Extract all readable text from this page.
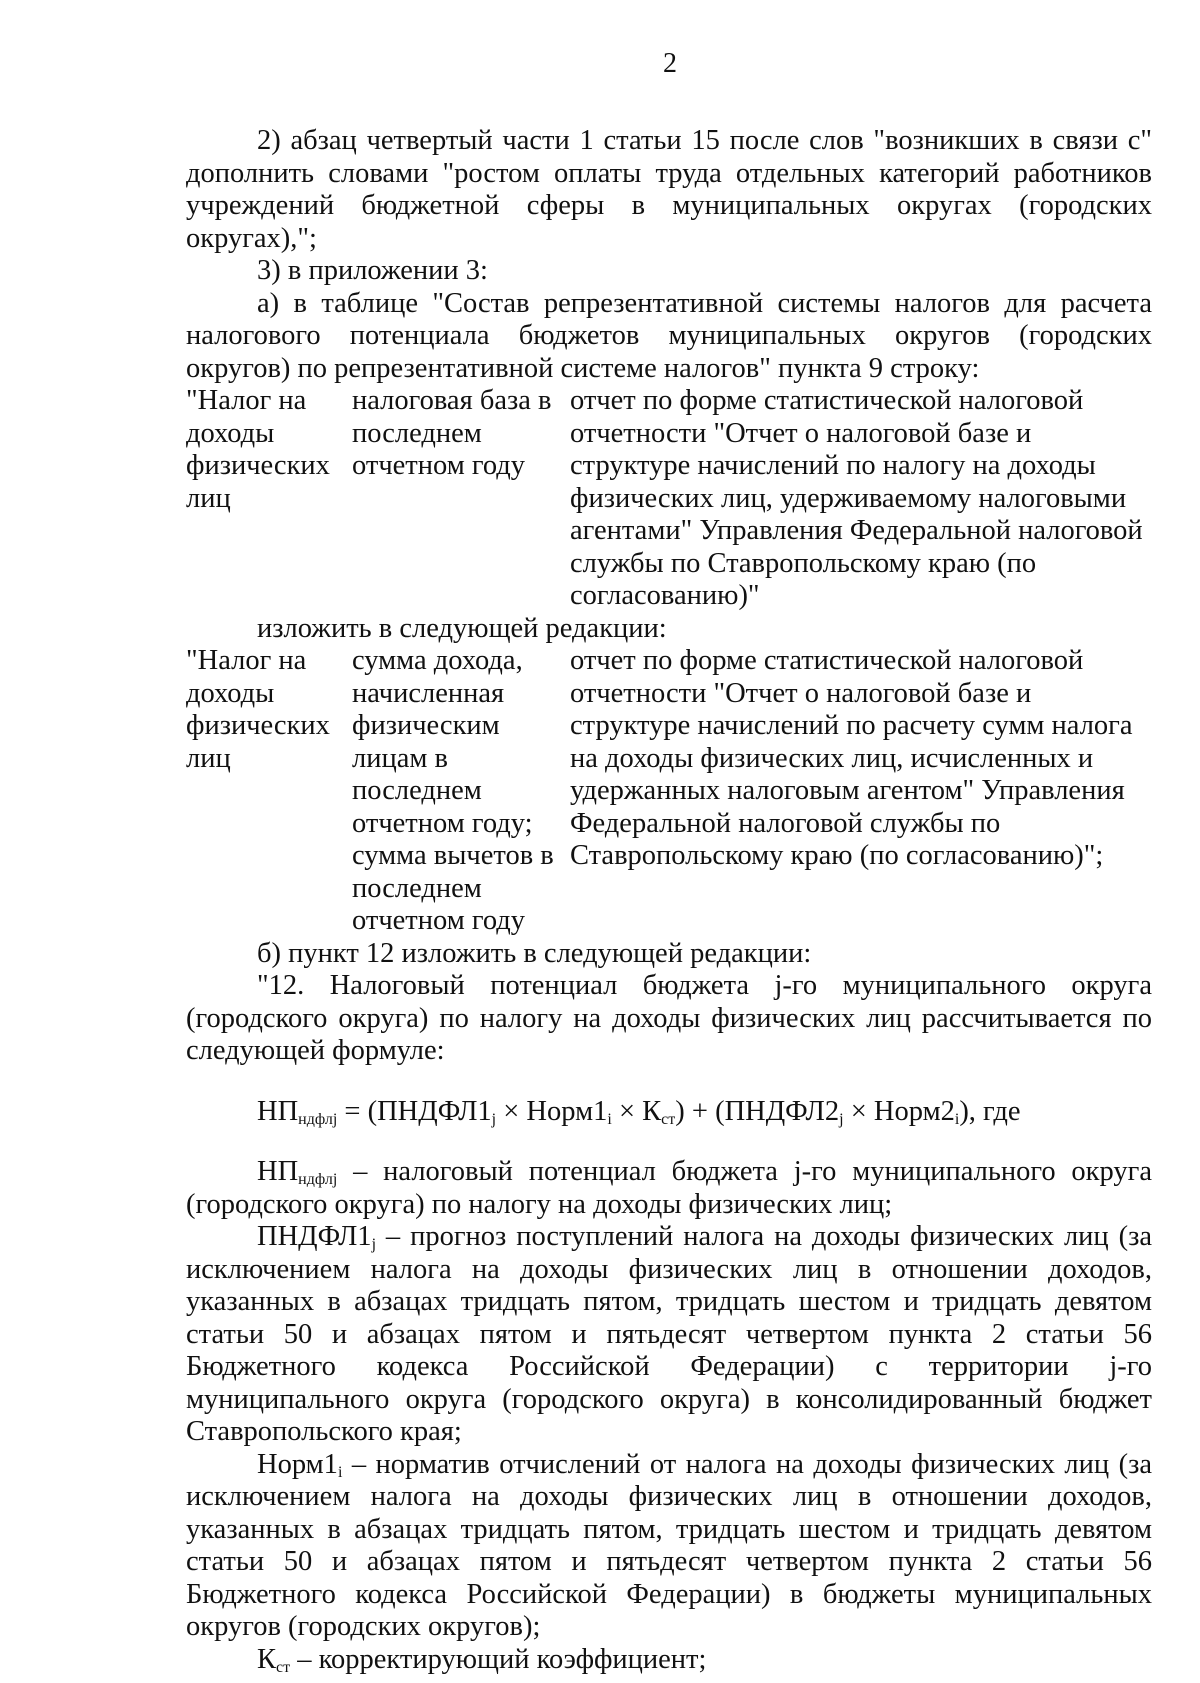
2
2) абзац четвертый части 1 статьи 15 после слов "возникших в связи с" дополнить словами "ростом оплаты труда отдельных категорий работников учреждений бюджетной сферы в муниципальных округах (городских округах),";
3) в приложении 3:
а) в таблице "Состав репрезентативной системы налогов для расчета налогового потенциала бюджетов муниципальных округов (городских округов) по репрезентативной системе налогов" пункта 9 строку:
"Налог на доходы физических лиц
налоговая база в последнем отчетном году
отчет по форме статистической налоговой отчетности "Отчет о налоговой базе и структуре начислений по налогу на доходы физических лиц, удерживаемому налоговыми агентами" Управления Федеральной налоговой службы по Ставропольскому краю (по согласованию)"
изложить в следующей редакции:
"Налог на доходы физических лиц
сумма дохода, начисленная физическим лицам в последнем отчетном году;
сумма вычетов в последнем отчетном году
отчет по форме статистической налоговой отчетности "Отчет о налоговой базе и структуре начислений по расчету сумм налога на доходы физических лиц, исчисленных и удержанных налоговым агентом" Управления Федеральной налоговой службы по Ставропольскому краю (по согласованию)";
б) пункт 12 изложить в следующей редакции:
"12. Налоговый потенциал бюджета j-го муниципального округа (городского округа) по налогу на доходы физических лиц рассчитывается по следующей формуле:
$НП_{ндфлj}$ = ($ПНДФЛ1_j$ × $Норм1_i \times К_{ст}$) + ($ПНДФЛ2_j$ × $Норм2_i$), где
$НП_{ндфлj}$ – налоговый потенциал бюджета j-го муниципального округа (городского округа) по налогу на доходы физических лиц;
$ПНДФЛ1_j$ – прогноз поступлений налога на доходы физических лиц (за исключением налога на доходы физических лиц в отношении доходов, указанных в абзацах тридцать пятом, тридцать шестом и тридцать девятом статьи 50 и абзацах пятом и пятьдесят четвертом пункта 2 статьи 56 Бюджетного кодекса Российской Федерации) с территории j-го муниципального округа (городского округа) в консолидированный бюджет Ставропольского края;
$Норм1_i$ – норматив отчислений от налога на доходы физических лиц (за исключением налога на доходы физических лиц в отношении доходов, указанных в абзацах тридцать пятом, тридцать шестом и тридцать девятом статьи 50 и абзацах пятом и пятьдесят четвертом пункта 2 статьи 56 Бюджетного кодекса Российской Федерации) в бюджеты муниципальных округов (городских округов);
$К_{ст}$ – корректирующий коэффициент;
